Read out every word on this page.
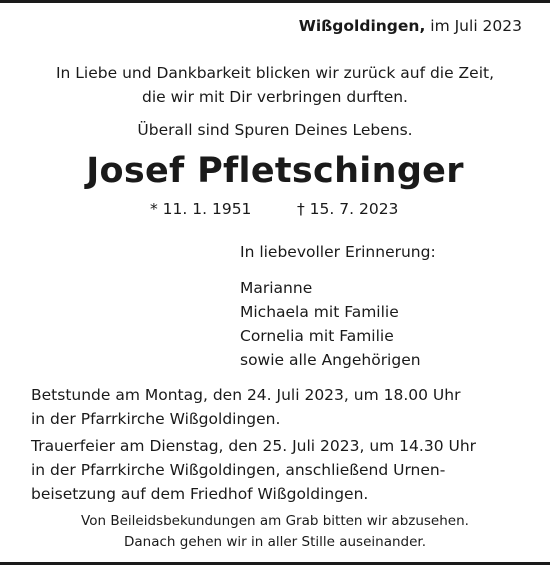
Wißgoldingen, im Juli 2023
In Liebe und Dankbarkeit blicken wir zurück auf die Zeit,
die wir mit Dir verbringen durften.
Überall sind Spuren Deines Lebens.
Josef Pfletschinger
* 11. 1. 1951	† 15. 7. 2023
In liebevoller Erinnerung:
Marianne
Michaela mit Familie
Cornelia mit Familie
sowie alle Angehörigen
Betstunde am Montag, den 24. Juli 2023, um 18.00 Uhr
in der Pfarrkirche Wißgoldingen.
Trauerfeier am Dienstag, den 25. Juli 2023, um 14.30 Uhr
in der Pfarrkirche Wißgoldingen, anschließend Urnen-
beisetzung auf dem Friedhof Wißgoldingen.
Von Beileidsbekundungen am Grab bitten wir abzusehen.
Danach gehen wir in aller Stille auseinander.
